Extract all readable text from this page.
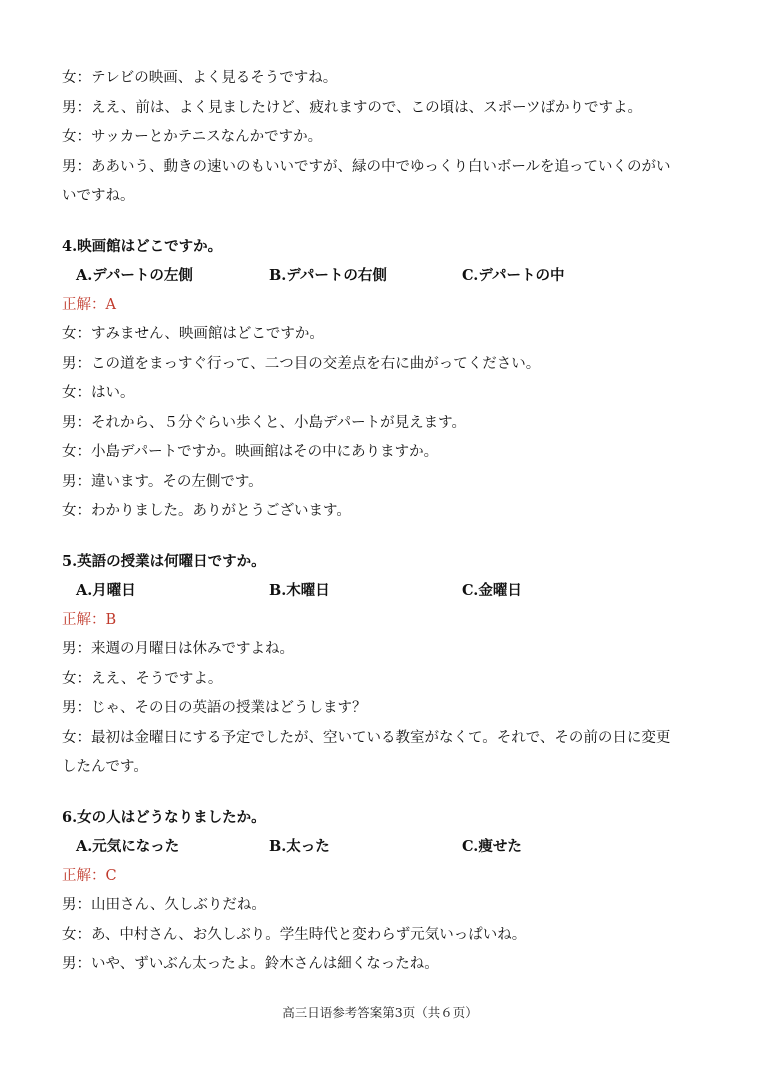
女：テレビの映画、よく見るそうですね。

男：ええ、前は、よく見ましたけど、疲れますので、この頃は、スポーツばかりですよ。

女：サッカーとかテニスなんかですか。

男：ああいう、動きの速いのもいいですが、緑の中でゆっくり白いボールを追っていくのがい

いですね。

4.映画館はどこですか。

A.デパートの左側	B.デパートの右側	C.デパートの中

正解：A

女：すみません、映画館はどこですか。

男：この道をまっすぐ行って、二つ目の交差点を右に曲がってください。

女：はい。

男：それから、５分ぐらい歩くと、小島デパートが見えます。

女：小島デパートですか。映画館はその中にありますか。

男：違います。その左側です。

女：わかりました。ありがとうございます。

5.英語の授業は何曜日ですか。

A.月曜日	B.木曜日	C.金曜日

正解：B

男：来週の月曜日は休みですよね。

女：ええ、そうですよ。

男：じゃ、その日の英語の授業はどうします？

女：最初は金曜日にする予定でしたが、空いている教室がなくて。それで、その前の日に変更

したんです。

6.女の人はどうなりましたか。

A.元気になった	B.太った	C.痩せた

正解：C

男：山田さん、久しぶりだね。

女：あ、中村さん、お久しぶり。学生時代と変わらず元気いっぱいね。

男：いや、ずいぶん太ったよ。鈴木さんは細くなったね。

高三日语参考答案第3页（共６页）
